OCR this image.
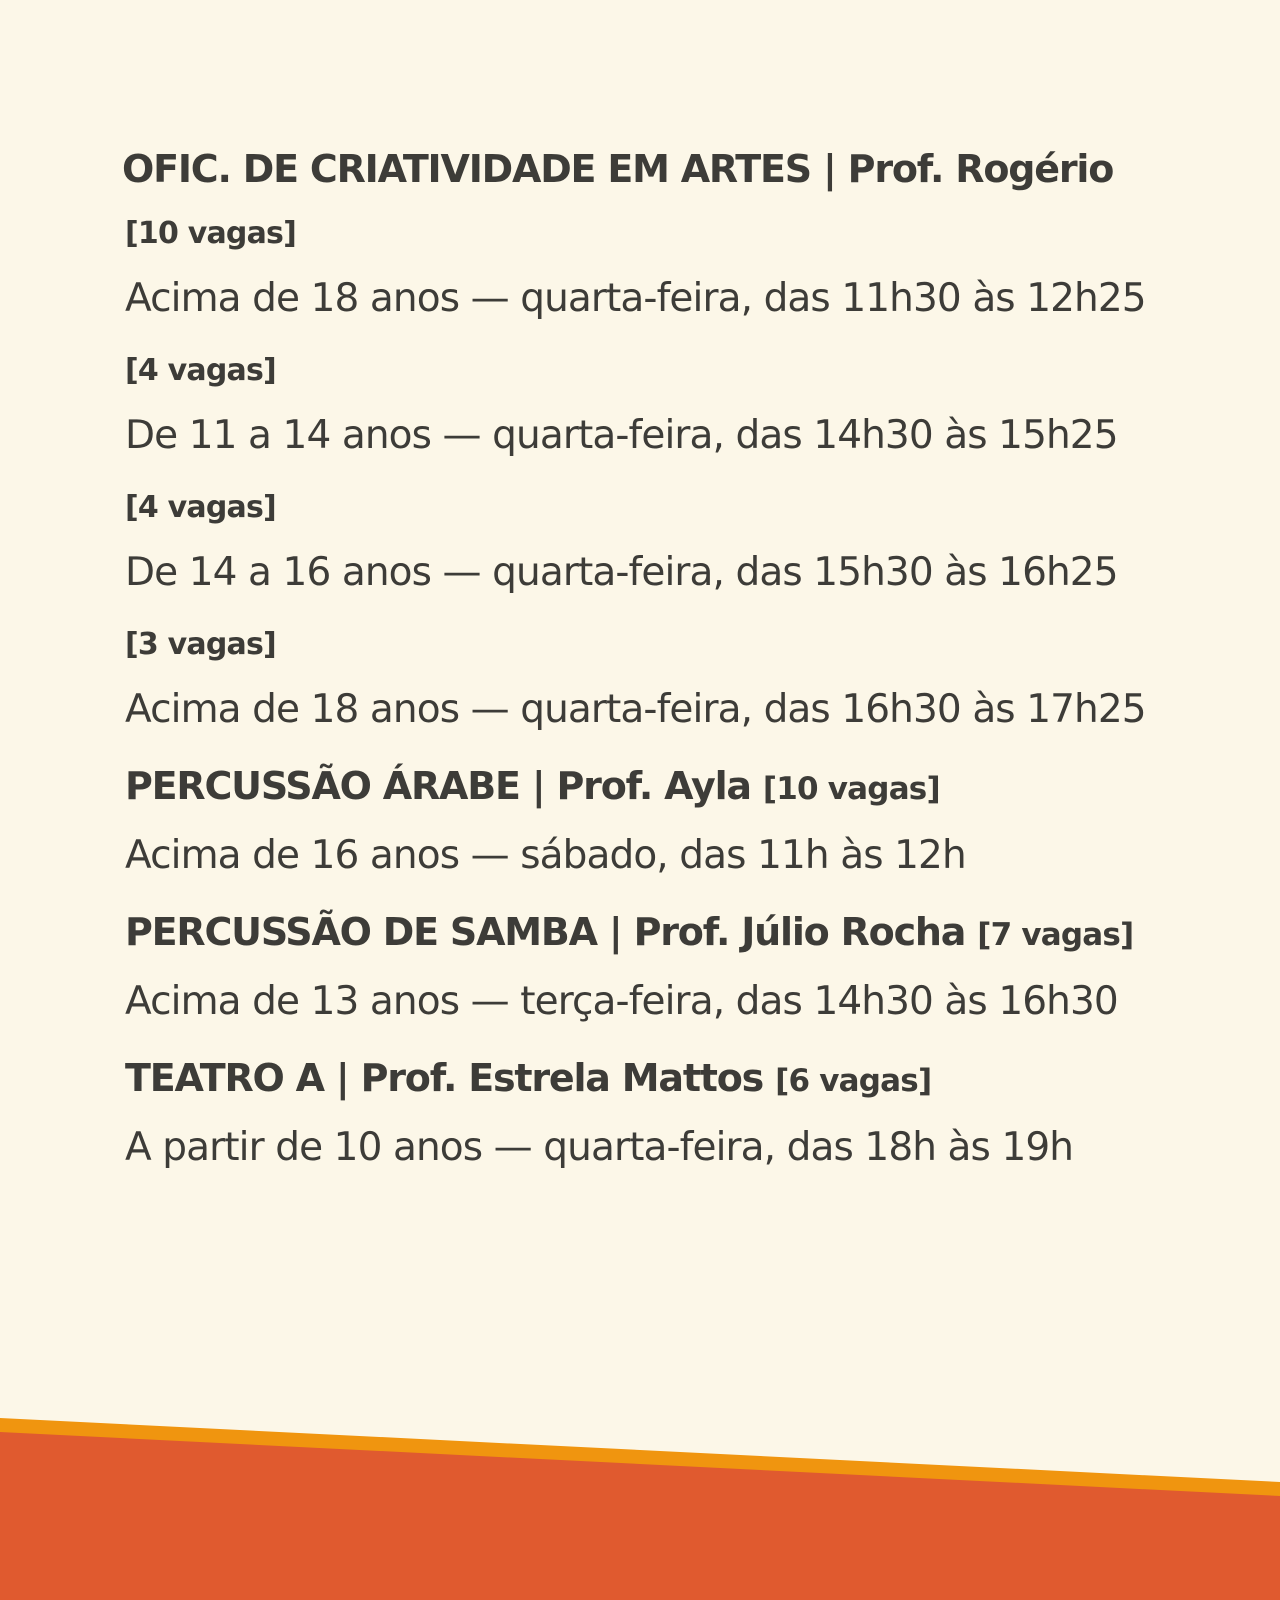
OFIC. DE CRIATIVIDADE EM ARTES | Prof. Rogério
[10 vagas]
Acima de 18 anos — quarta-feira, das 11h30 às 12h25
[4 vagas]
De 11 a 14 anos — quarta-feira, das 14h30 às 15h25
[4 vagas]
De 14 a 16 anos — quarta-feira, das 15h30 às 16h25
[3 vagas]
Acima de 18 anos — quarta-feira, das 16h30 às 17h25
PERCUSSÃO ÁRABE | Prof. Ayla [10 vagas]
Acima de 16 anos — sábado, das 11h às 12h
PERCUSSÃO DE SAMBA | Prof. Júlio Rocha [7 vagas]
Acima de 13 anos — terça-feira, das 14h30 às 16h30
TEATRO A | Prof. Estrela Mattos [6 vagas]
A partir de 10 anos — quarta-feira, das 18h às 19h
